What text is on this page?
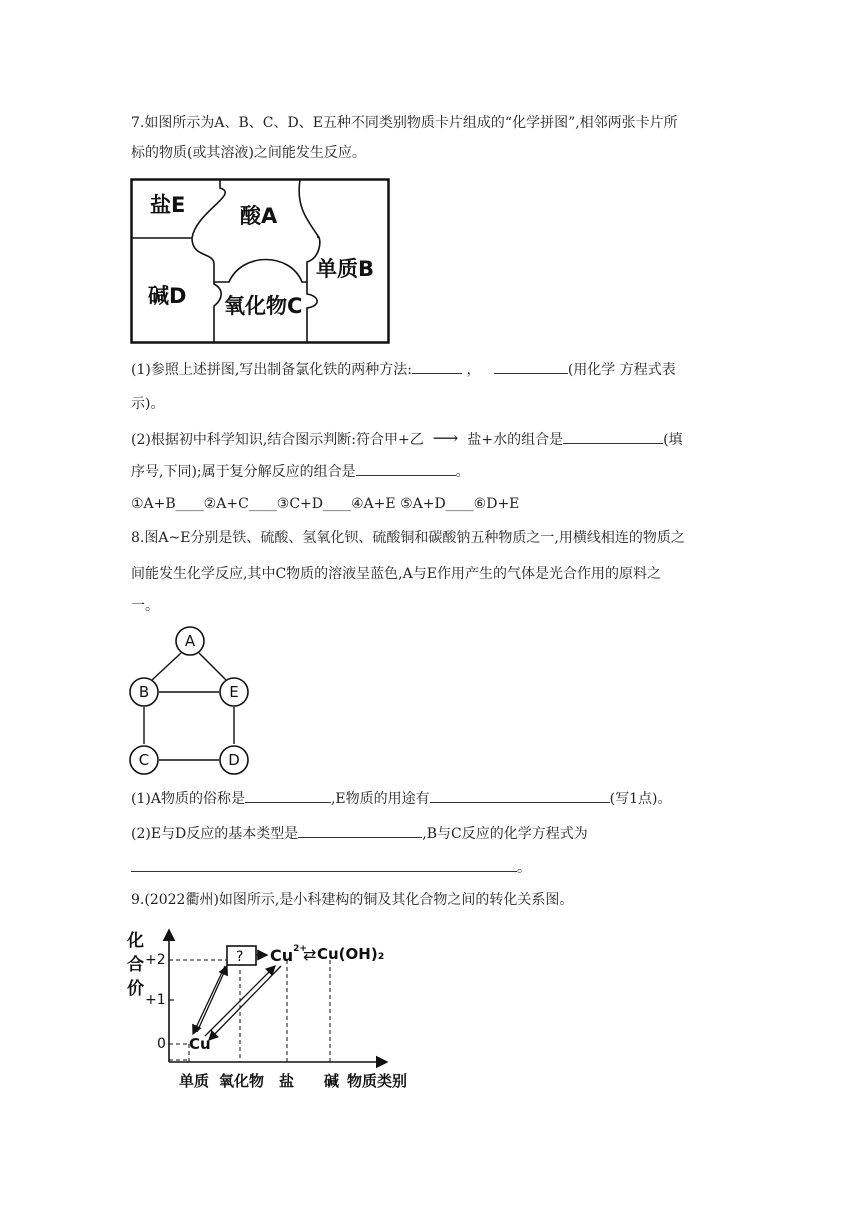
7.如图所示为A、B、C、D、E五种不同类别物质卡片组成的“化学拼图”,相邻两张卡片所
标的物质(或其溶液)之间能发生反应。
盐E	酸A
单质B
碱D 氧化物C
(1)参照上述拼图,写出制备氯化铁的两种方法:	，	(用化学 方程式表
示)。
(2)根据初中科学知识,结合图示判断:符合甲+乙 ⟶ 盐+水的组合是	(填
序号,下同);属于复分解反应的组合是	。
①A+B____②A+C____③C+D____④A+E ⑤A+D____⑥D+E
8.图A~E分别是铁、硫酸、氢氧化钡、硫酸铜和碳酸钠五种物质之一,用横线相连的物质之
间能发生化学反应,其中C物质的溶液呈蓝色,A与E作用产生的气体是光合作用的原料之
一。
A
B	E
C	D
(1)A物质的俗称是	,E物质的用途有	(写1点)。
(2)E与D反应的基本类型是	,B与C反应的化学方程式为
。
9.(2022衢州)如图所示,是小科建构的铜及其化合物之间的转化关系图。
化
合
价
+2
+1
0
? $Cu^{2+}$
⇄ Cu(OH)₂
Cu
单质 氧化物 盐 碱 物质类别
